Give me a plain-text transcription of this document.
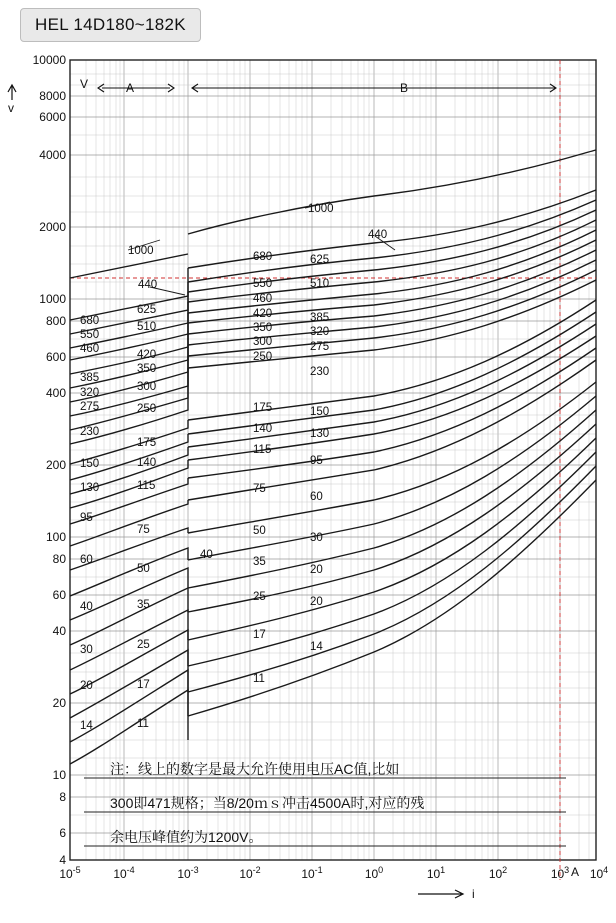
HEL 14D180~182K
10000
8000
6000
4000
2000
1000
800
600
400
200
100
80
60
40
20
10
8
6
4
$10^{-5}$	$10^{-4}$	$10^{-3}$	$10^{-2}$	$10^{-1}$	$10^0$	$10^1$	$10^2$	$10^3$ $10^4$
A
v
V
i
A	B
1000
1000
440
440
680
550
460
420
350
300
250
175
140
115
75
50
35
25
17
11
625
510
385
320
275
230
150
130
95
60
30
20
20
14
680
550
460
385
320
275
230
150
130
95
60
40
30
20
14
625
510
420
350
300
250
175
140
115
75
50
35
25
17
11
40
注：线上的数字是最大允许使用电压AC值,比如
300即471规格；当8/20ｍｓ冲击4500A时,对应的残
余电压峰值约为1200V。
